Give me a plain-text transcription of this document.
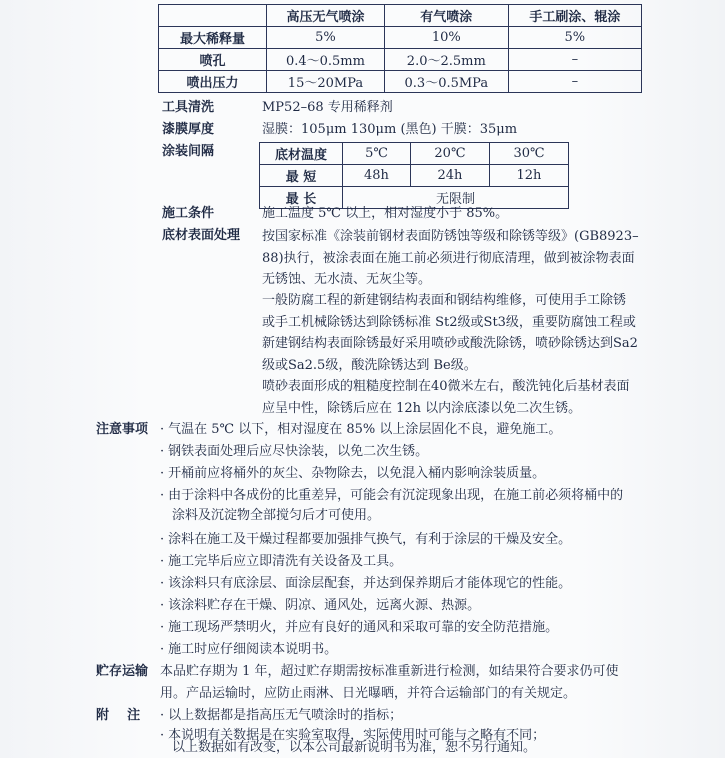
	高压无气喷涂	有气喷涂	手工刷涂、辊涂
最大稀释量	5%	10%	5%
喷孔	0.4～0.5mm	2.0～2.5mm	–
喷出压力	15～20MPa	0.3～0.5MPa	–
工具清洗	MP52–68 专用稀释剂
漆膜厚度	湿膜：105μm 130μm (黑色) 干膜：35μm
涂装间隔	底材温度	5℃	20℃	30℃
最 短	48h	24h	12h
最 长	无限制		
施工条件	施工温度 5℃ 以上，相对湿度小于 85%。
底材表面处理 按国家标准《涂装前钢材表面防锈蚀等级和除锈等级》(GB8923–
88)执行，被涂表面在施工前必须进行彻底清理，做到被涂物表面
无锈蚀、无水渍、无灰尘等。
一般防腐工程的新建钢结构表面和钢结构维修，可使用手工除锈
或手工机械除锈达到除锈标准 St2级或St3级，重要防腐蚀工程或
新建钢结构表面除锈最好采用喷砂或酸洗除锈，喷砂除锈达到Sa2
级或Sa2.5级，酸洗除锈达到 Be级。
喷砂表面形成的粗糙度控制在40微米左右，酸洗钝化后基材表面
应呈中性，除锈后应在 12h 以内涂底漆以免二次生锈。
注意事项	· 气温在 5℃ 以下，相对湿度在 85% 以上涂层固化不良，避免施工。
· 钢铁表面处理后应尽快涂装，以免二次生锈。
· 开桶前应将桶外的灰尘、杂物除去，以免混入桶内影响涂装质量。
· 由于涂料中各成份的比重差异，可能会有沉淀现象出现，在施工前必须将桶中的
涂料及沉淀物全部搅匀后才可使用。
· 涂料在施工及干燥过程都要加强排气换气，有利于涂层的干燥及安全。
· 施工完毕后应立即清洗有关设备及工具。
· 该涂料只有底涂层、面涂层配套，并达到保养期后才能体现它的性能。
· 该涂料贮存在干燥、阴凉、通风处，远离火源、热源。
· 施工现场严禁明火，并应有良好的通风和采取可靠的安全防范措施。
· 施工时应仔细阅读本说明书。
贮存运输 本品贮存期为 1 年，超过贮存期需按标准重新进行检测，如结果符合要求仍可使
用。产品运输时，应防止雨淋、日光曝晒，并符合运输部门的有关规定。
附    注	· 以上数据都是指高压无气喷涂时的指标；
· 本说明有关数据是在实验室取得，实际使用时可能与之略有不同；
以上数据如有改变，以本公司最新说明书为准，恕不另行通知。
